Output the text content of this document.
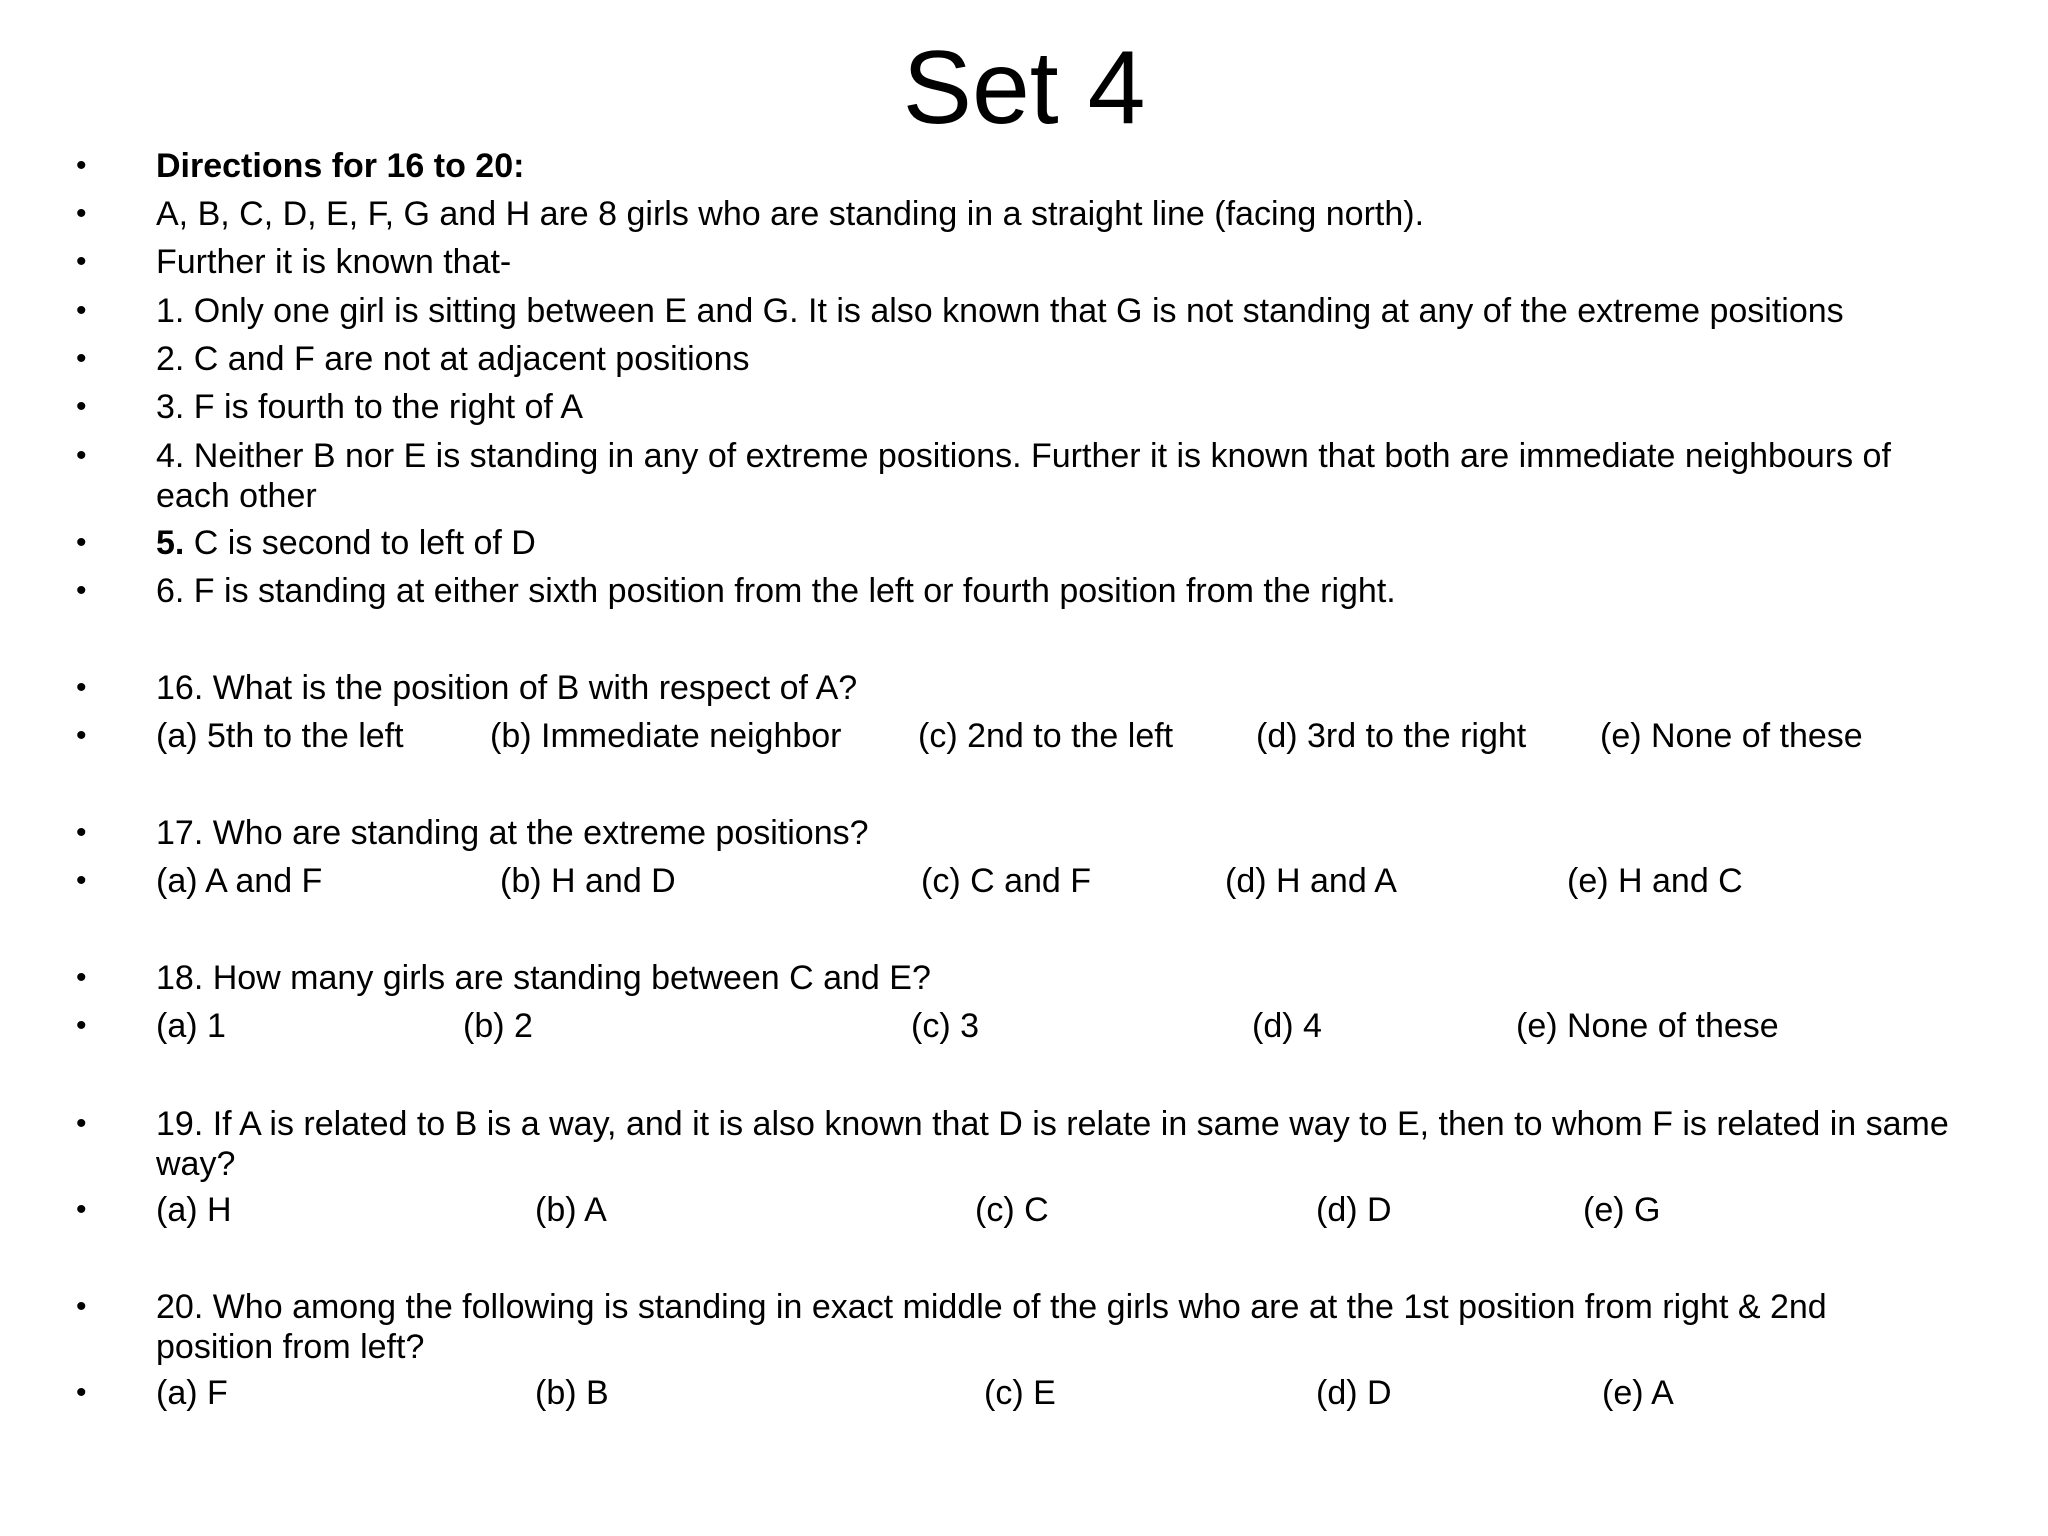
Set 4
• Directions for 16 to 20:
• A, B, C, D, E, F, G and H are 8 girls who are standing in a straight line (facing north).
• Further it is known that-
• 1. Only one girl is sitting between E and G. It is also known that G is not standing at any of the extreme positions
• 2. C and F are not at adjacent positions
• 3. F is fourth to the right of A
• 4. Neither B nor E is standing in any of extreme positions. Further it is known that both are immediate neighbours of each other
• 5. C is second to left of D
• 6. F is standing at either sixth position from the left or fourth position from the right.
• 16. What is the position of B with respect of A?
• (a) 5th to the left	(b) Immediate neighbor (c) 2nd to the left (d) 3rd to the right (e) None of these
• 17. Who are standing at the extreme positions?
• (a) A and F	(b) H and D	(c) C and F	(d) H and A	(e) H and C
• 18. How many girls are standing between C and E?
• (a) 1	(b) 2	(c) 3	(d) 4	(e) None of these
• 19. If A is related to B is a way, and it is also known that D is relate in same way to E, then to whom F is related in same way?
• (a) H	(b) A	(c) C	(d) D	(e) G
• 20. Who among the following is standing in exact middle of the girls who are at the 1st position from right & 2nd position from left?
• (a) F	(b) B	(c) E	(d) D	(e) A
